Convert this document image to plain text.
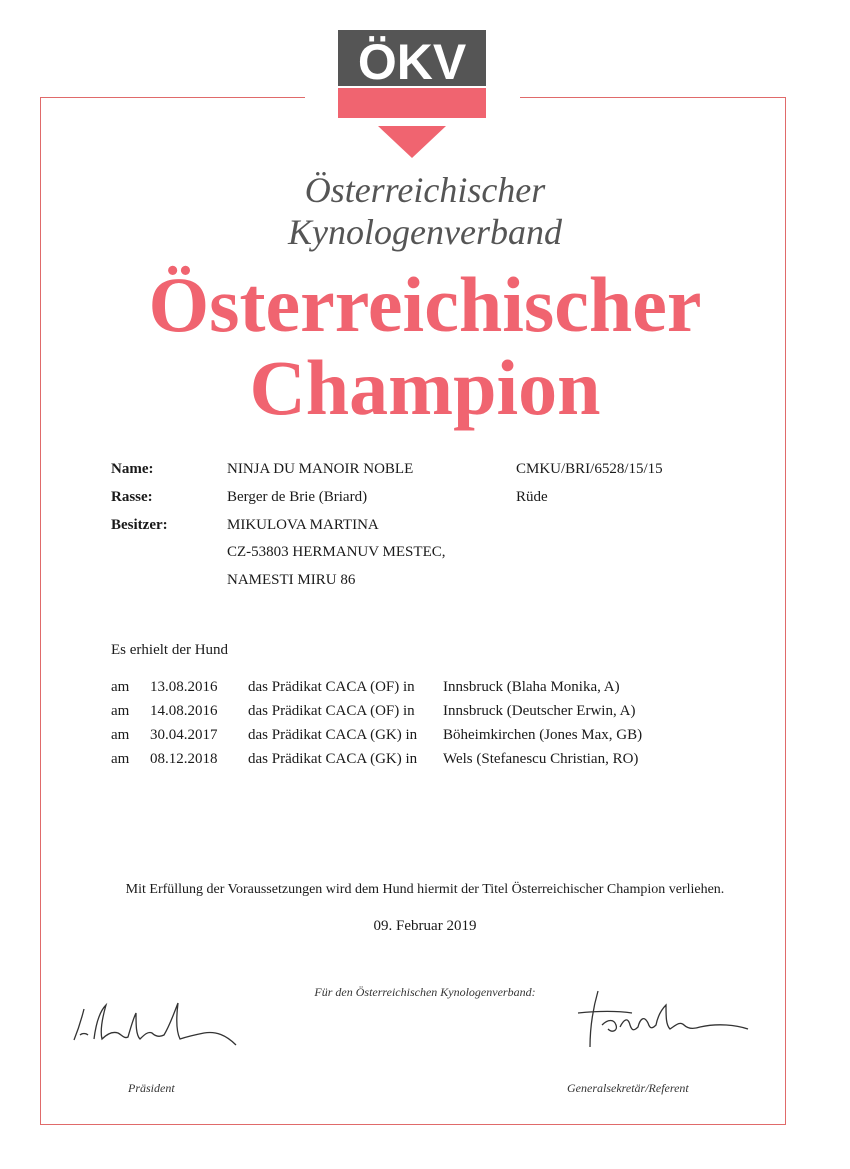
ÖKV
Österreichischer
Kynologenverband
Österreichischer
Champion
Name:	NINJA DU MANOIR NOBLE	CMKU/BRI/6528/15/15
Rasse:	Berger de Brie (Briard)	Rüde
Besitzer:	MIKULOVA MARTINA
CZ-53803 HERMANUV MESTEC,
NAMESTI MIRU 86
Es erhielt der Hund
am 13.08.2016 das Prädikat CACA (OF) in Innsbruck (Blaha Monika, A)
am 14.08.2016 das Prädikat CACA (OF) in Innsbruck (Deutscher Erwin, A)
am 30.04.2017 das Prädikat CACA (GK) in Böheimkirchen (Jones Max, GB)
am 08.12.2018 das Prädikat CACA (GK) in Wels (Stefanescu Christian, RO)
Mit Erfüllung der Voraussetzungen wird dem Hund hiermit der Titel Österreichischer Champion verliehen.
09. Februar 2019
Für den Österreichischen Kynologenverband:
Präsident	Generalsekretär/Referent
